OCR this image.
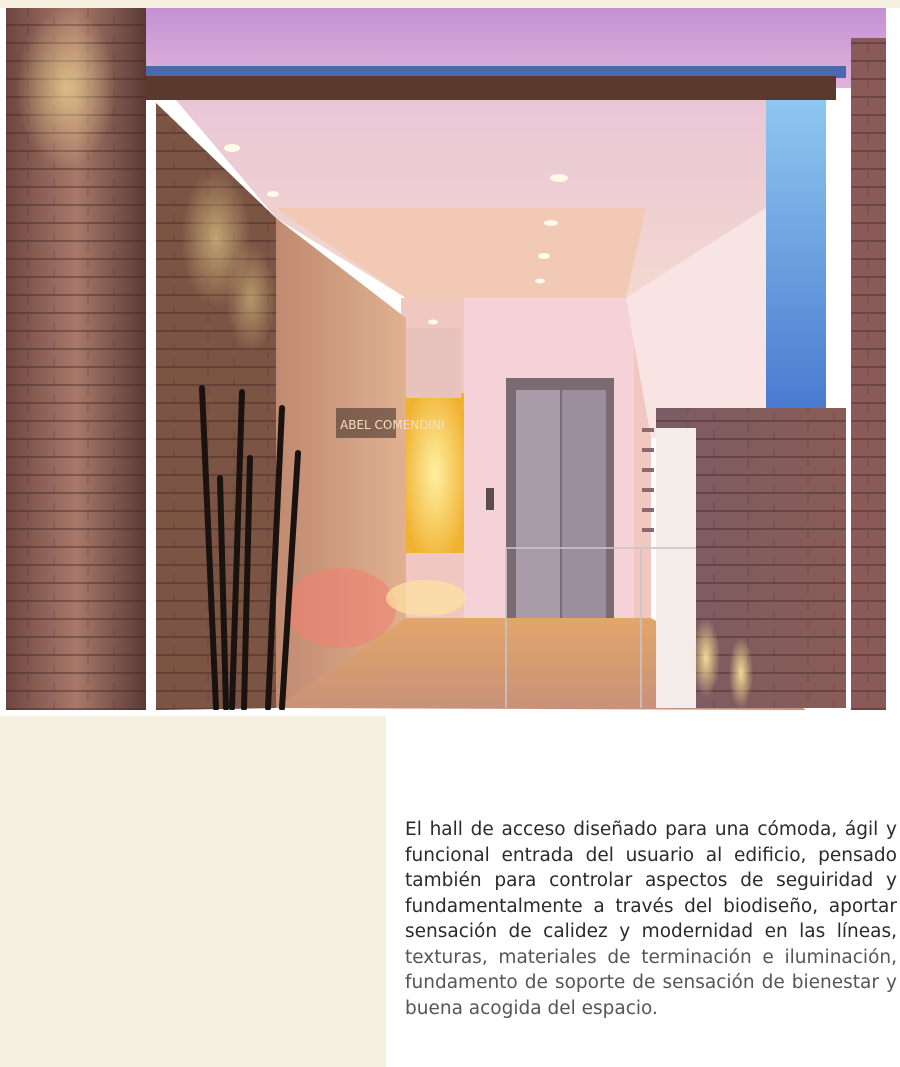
ABEL COMENDINI
El hall de acceso diseñado para una cómoda, ágil y
funcional entrada del usuario al edificio, pensado
también para controlar aspectos de seguiridad y
fundamentalmente a través del biodiseño, aportar
sensación de calidez y modernidad en las líneas,
texturas, materiales de terminación e iluminación,
fundamento de soporte de sensación de bienestar y
buena acogida del espacio.
